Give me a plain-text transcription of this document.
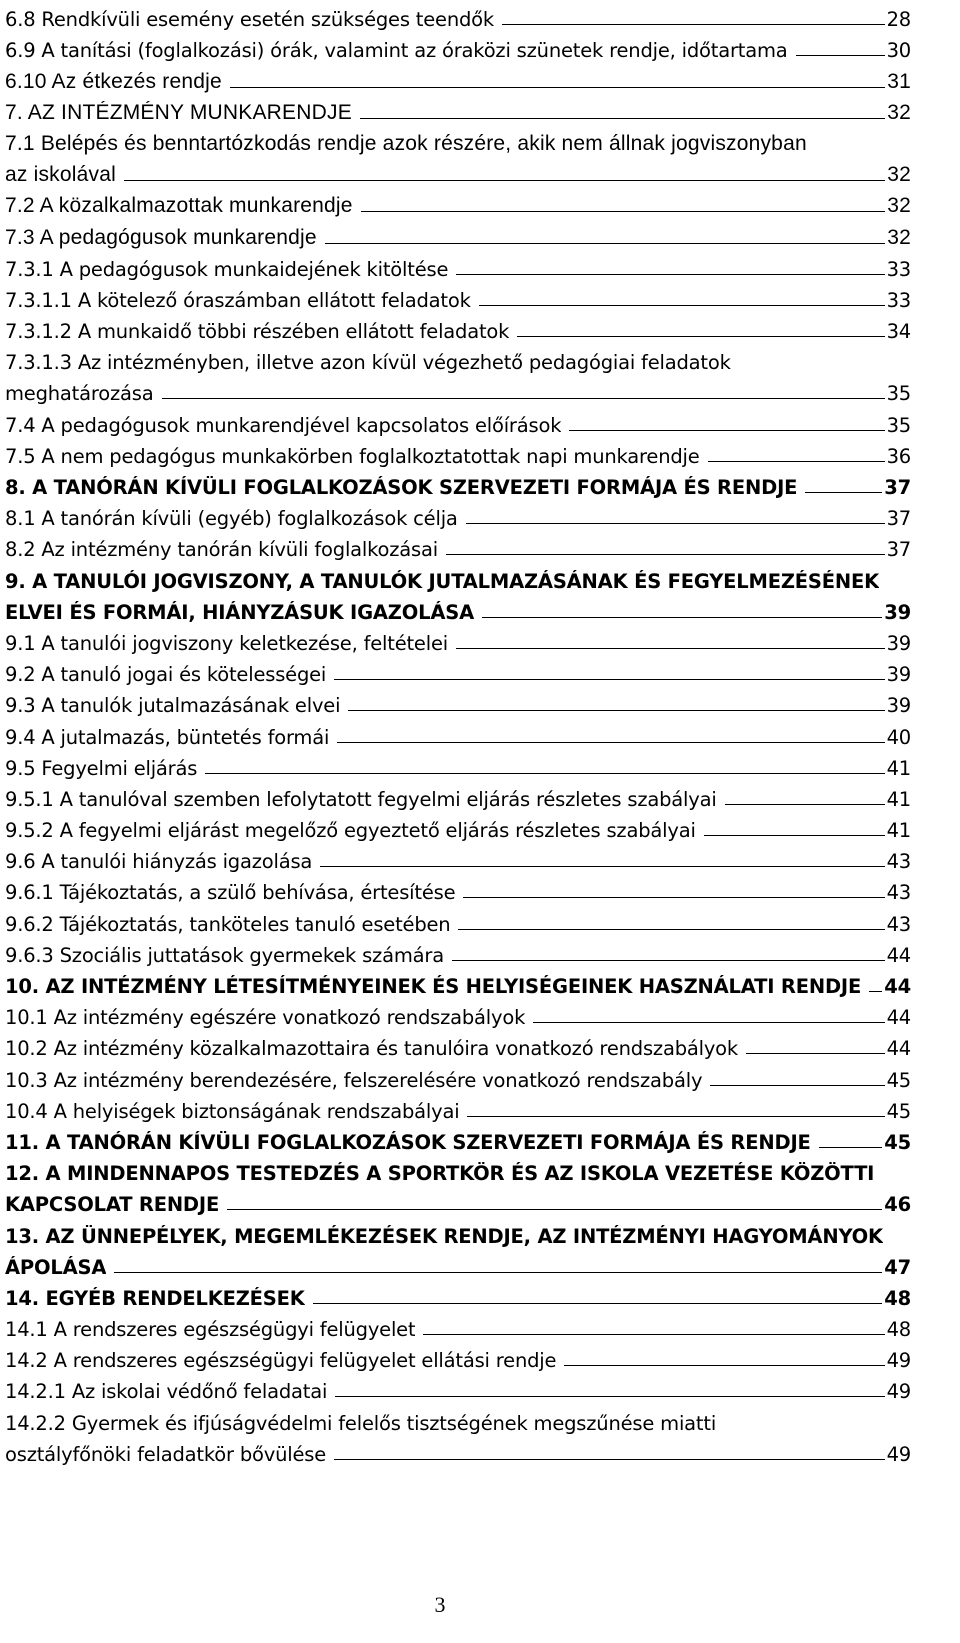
6.8 Rendkívüli esemény esetén szükséges teendők	28
6.9 A tanítási (foglalkozási) órák, valamint az óraközi szünetek rendje, időtartama	30
6.10 Az étkezés rendje	31
7. AZ INTÉZMÉNY MUNKARENDJE	32
7.1 Belépés és benntartózkodás rendje azok részére, akik nem állnak jogviszonyban
az iskolával	32
7.2 A közalkalmazottak munkarendje	32
7.3 A pedagógusok munkarendje	32
7.3.1 A pedagógusok munkaidejének kitöltése	33
7.3.1.1 A kötelező óraszámban ellátott feladatok	33
7.3.1.2 A munkaidő többi részében ellátott feladatok	34
7.3.1.3 Az intézményben, illetve azon kívül végezhető pedagógiai feladatok
meghatározása	35
7.4 A pedagógusok munkarendjével kapcsolatos előírások	35
7.5 A nem pedagógus munkakörben foglalkoztatottak napi munkarendje	36
8. A TANÓRÁN KÍVÜLI FOGLALKOZÁSOK SZERVEZETI FORMÁJA ÉS RENDJE	37
8.1 A tanórán kívüli (egyéb) foglalkozások célja	37
8.2 Az intézmény tanórán kívüli foglalkozásai	37
9. A TANULÓI JOGVISZONY, A TANULÓK JUTALMAZÁSÁNAK ÉS FEGYELMEZÉSÉNEK
ELVEI ÉS FORMÁI, HIÁNYZÁSUK IGAZOLÁSA	39
9.1 A tanulói jogviszony keletkezése, feltételei	39
9.2 A tanuló jogai és kötelességei	39
9.3 A tanulók jutalmazásának elvei	39
9.4 A jutalmazás, büntetés formái	40
9.5 Fegyelmi eljárás	41
9.5.1 A tanulóval szemben lefolytatott fegyelmi eljárás részletes szabályai	41
9.5.2 A fegyelmi eljárást megelőző egyeztető eljárás részletes szabályai	41
9.6 A tanulói hiányzás igazolása	43
9.6.1 Tájékoztatás, a szülő behívása, értesítése	43
9.6.2 Tájékoztatás, tanköteles tanuló esetében	43
9.6.3 Szociális juttatások gyermekek számára	44
10. AZ INTÉZMÉNY LÉTESÍTMÉNYEINEK ÉS HELYISÉGEINEK HASZNÁLATI RENDJE 44
10.1 Az intézmény egészére vonatkozó rendszabályok	44
10.2 Az intézmény közalkalmazottaira és tanulóira vonatkozó rendszabályok	44
10.3 Az intézmény berendezésére, felszerelésére vonatkozó rendszabály	45
10.4 A helyiségek biztonságának rendszabályai	45
11. A TANÓRÁN KÍVÜLI FOGLALKOZÁSOK SZERVEZETI FORMÁJA ÉS RENDJE	45
12. A MINDENNAPOS TESTEDZÉS A SPORTKÖR ÉS AZ ISKOLA VEZETÉSE KÖZÖTTI
KAPCSOLAT RENDJE	46
13. AZ ÜNNEPÉLYEK, MEGEMLÉKEZÉSEK RENDJE, AZ INTÉZMÉNYI HAGYOMÁNYOK
ÁPOLÁSA	47
14. EGYÉB RENDELKEZÉSEK	48
14.1 A rendszeres egészségügyi felügyelet	48
14.2 A rendszeres egészségügyi felügyelet ellátási rendje	49
14.2.1 Az iskolai védőnő feladatai	49
14.2.2 Gyermek és ifjúságvédelmi felelős tisztségének megszűnése miatti
osztályfőnöki feladatkör bővülése	49
3
